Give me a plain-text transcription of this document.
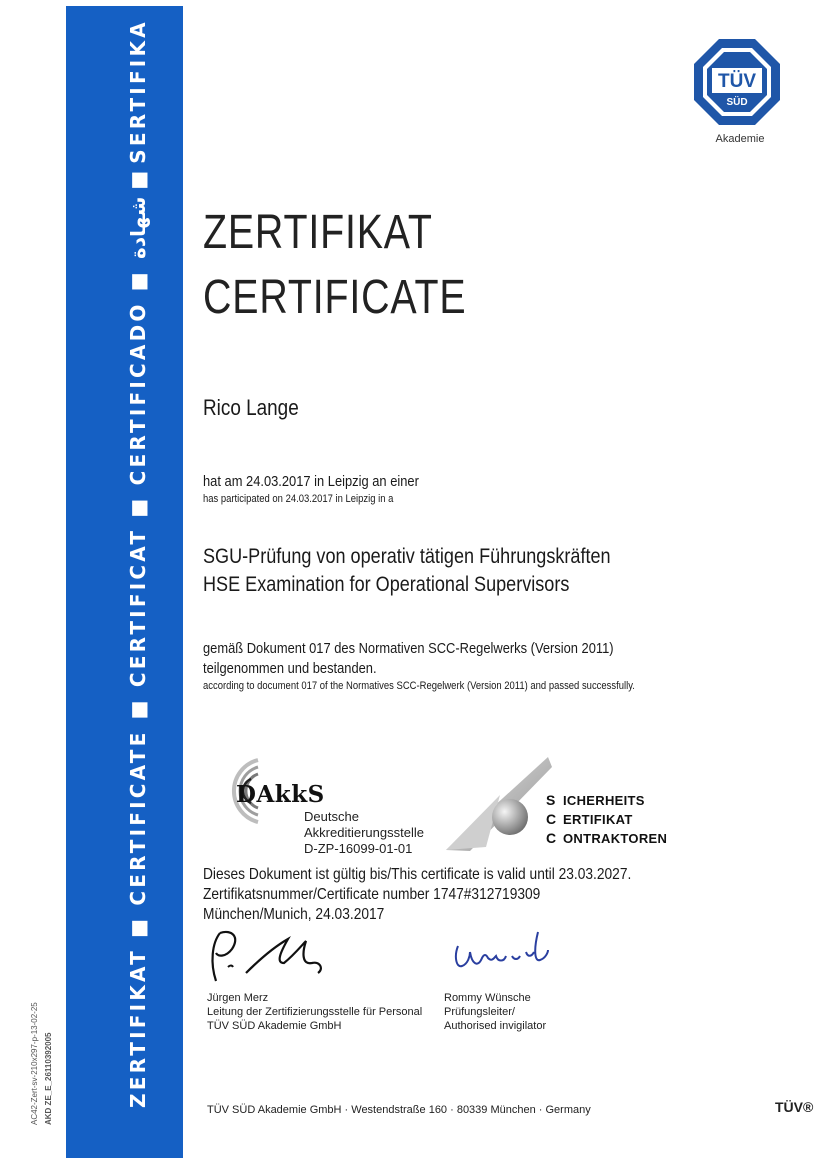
ZERTIFIKAT ■ CERTIFICATE ■ CERTIFICAT ■ CERTIFICADO ■ شهادة ■ SERTIFIKA
AC42-Zert-sv-210x297-p-13-02-25 AKD ZE_E_26110392005
TÜV
SÜD
Akademie
ZERTIFIKAT
CERTIFICATE
Rico Lange
hat am 24.03.2017 in Leipzig an einer
has participated on 24.03.2017 in Leipzig in a
SGU-Prüfung von operativ tätigen Führungskräften
HSE Examination for Operational Supervisors
gemäß Dokument 017 des Normativen SCC-Regelwerks (Version 2011)
teilgenommen und bestanden.
according to document 017 of the Normatives SCC-Regelwerk (Version 2011) and passed successfully.
DAkkS
Deutsche
Akkreditierungsstelle
D-ZP-16099-01-01
S ICHERHEITS
C ERTIFIKAT
C ONTRAKTOREN
Dieses Dokument ist gültig bis/This certificate is valid until 23.03.2027.
Zertifikatsnummer/Certificate number 1747#312719309
München/Munich, 24.03.2017
Jürgen Merz
Leitung der Zertifizierungsstelle für Personal
TÜV SÜD Akademie GmbH
Rommy Wünsche
Prüfungsleiter/
Authorised invigilator
TÜV SÜD Akademie GmbH · Westendstraße 160 · 80339 München · Germany	TÜV®
